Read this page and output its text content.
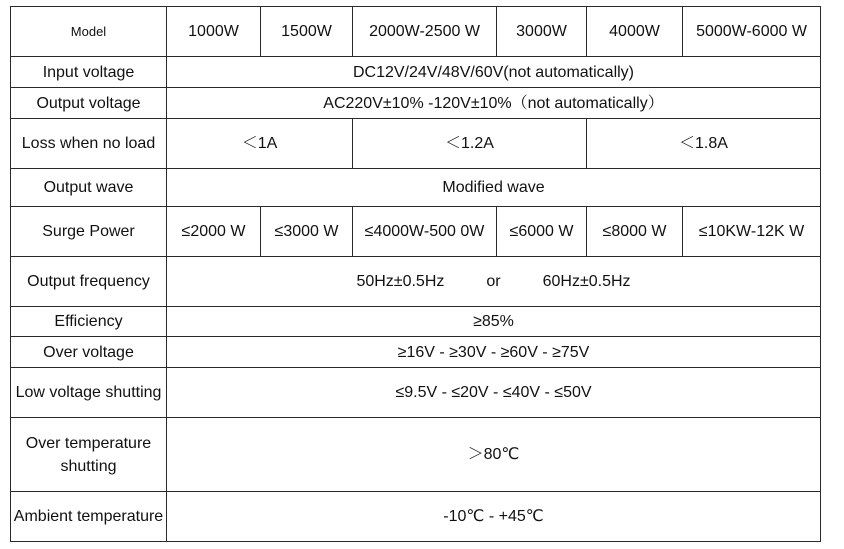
Model	1000W	1500W	2000W-2500 W	3000W	4000W	5000W-6000 W
Input voltage	DC12V/24V/48V/60V(not automatically)					
Output voltage	AC220V±10% -120V±10%（not automatically）					
Loss when no load	＜1A		＜1.2A		＜1.8A	
Output wave	Modified wave					
Surge Power	≤2000 W	≤3000 W	≤4000W-500 0W	≤6000 W	≤8000 W	≤10KW-12K W
Output frequency	50Hz±0.5Hz or 60Hz±0.5Hz					
Efficiency	≥85%					
Over voltage	≥16V - ≥30V - ≥60V - ≥75V					
Low voltage shutting	≤9.5V - ≤20V - ≤40V - ≤50V					
Over temperature shutting	＞80℃					
Ambient temperature	-10℃ - +45℃					
